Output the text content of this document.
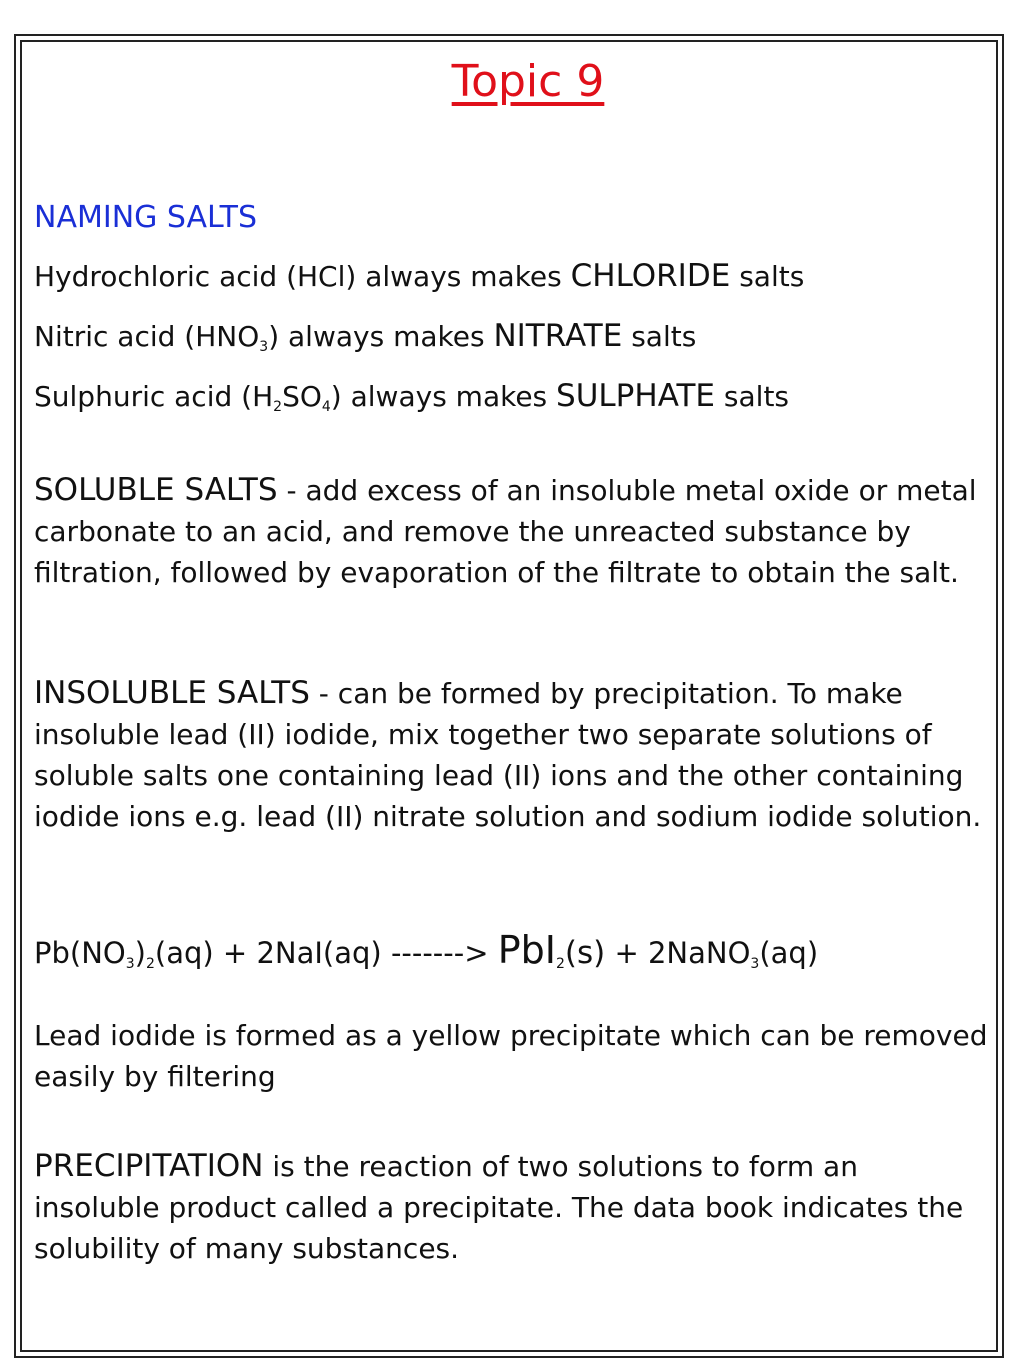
Topic 9
NAMING SALTS
Hydrochloric acid (HCl) always makes CHLORIDE salts
Nitric acid $(HNO_3)$ always makes NITRATE salts
Sulphuric acid $(H_2SO_4)$ always makes SULPHATE salts
SOLUBLE SALTS - add excess of an insoluble metal oxide or metal carbonate to an acid, and remove the unreacted substance by filtration, followed by evaporation of the filtrate to obtain the salt.
INSOLUBLE SALTS - can be formed by precipitation. To make insoluble lead (II) iodide, mix together two separate solutions of soluble salts one containing lead (II) ions and the other containing iodide ions e.g. lead (II) nitrate solution and sodium iodide solution.
$Pb(NO_3)_2(aq) + 2NaI(aq)$ -------> PbI$_2$(s) + 2NaNO$_3$(aq)
Lead iodide is formed as a yellow precipitate which can be removed easily by filtering
PRECIPITATION is the reaction of two solutions to form an insoluble product called a precipitate. The data book indicates the solubility of many substances.
